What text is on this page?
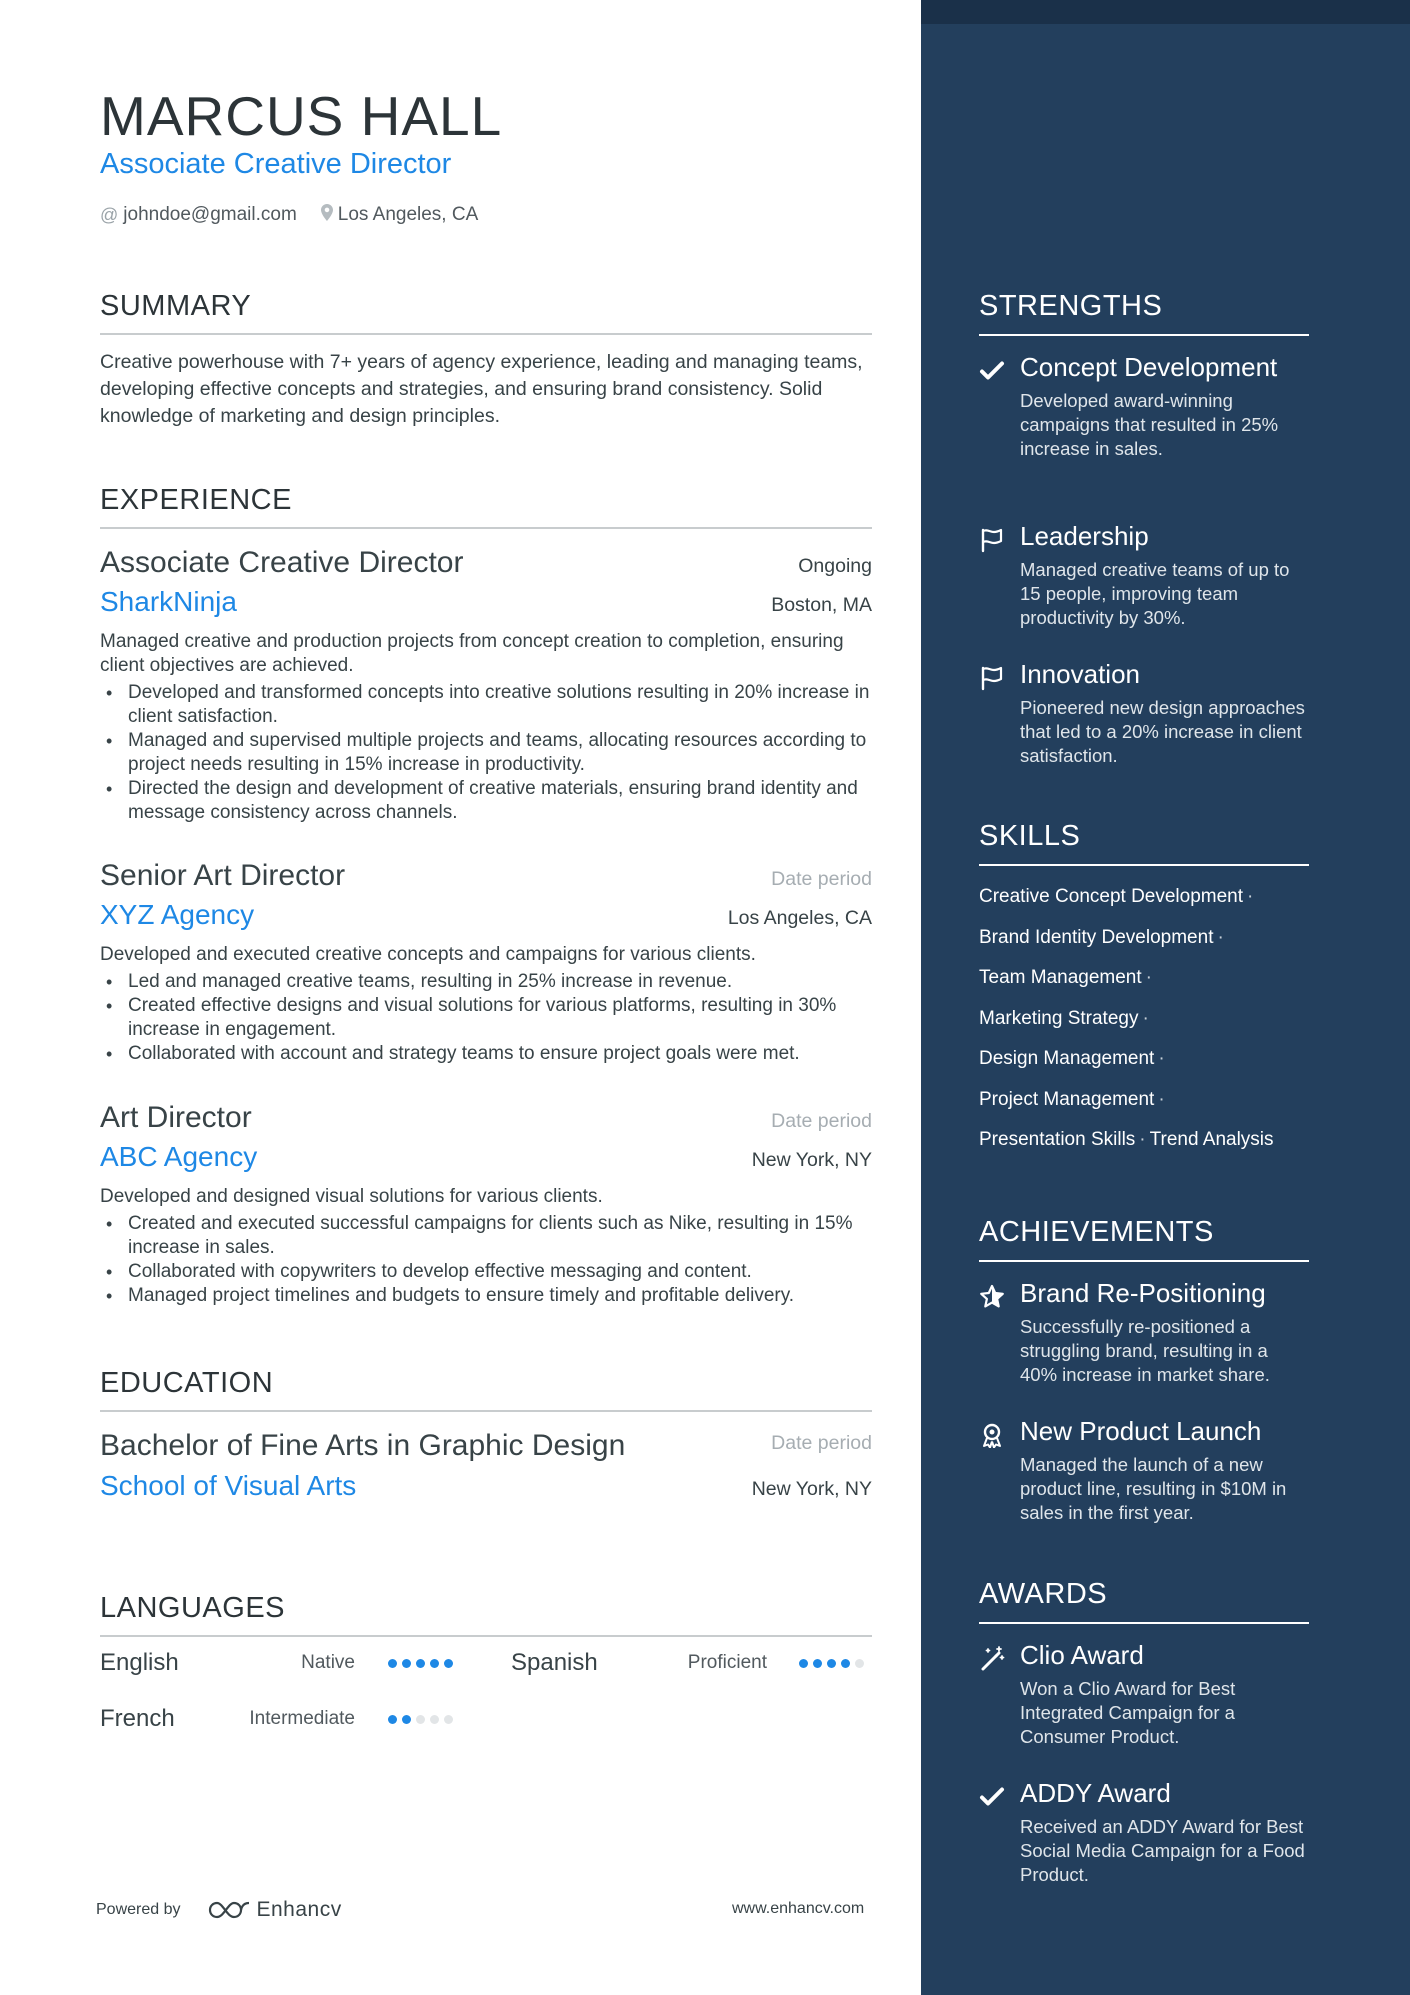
MARCUS HALL
Associate Creative Director
@ johndoe@gmail.com Los Angeles, CA
SUMMARY
Creative powerhouse with 7+ years of agency experience, leading and managing teams, developing effective concepts and strategies, and ensuring brand consistency. Solid knowledge of marketing and design principles.
EXPERIENCE
Associate Creative Director	Ongoing
SharkNinja	Boston, MA
Managed creative and production projects from concept creation to completion, ensuring client objectives are achieved.
• Developed and transformed concepts into creative solutions resulting in 20% increase in client satisfaction.
• Managed and supervised multiple projects and teams, allocating resources according to project needs resulting in 15% increase in productivity.
• Directed the design and development of creative materials, ensuring brand identity and message consistency across channels.
Senior Art Director	Date period
XYZ Agency	Los Angeles, CA
Developed and executed creative concepts and campaigns for various clients.
• Led and managed creative teams, resulting in 25% increase in revenue.
• Created effective designs and visual solutions for various platforms, resulting in 30% increase in engagement.
• Collaborated with account and strategy teams to ensure project goals were met.
Art Director	Date period
ABC Agency	New York, NY
Developed and designed visual solutions for various clients.
• Created and executed successful campaigns for clients such as Nike, resulting in 15% increase in sales.
• Collaborated with copywriters to develop effective messaging and content.
• Managed project timelines and budgets to ensure timely and profitable delivery.
EDUCATION
Bachelor of Fine Arts in Graphic Design	Date period
School of Visual Arts	New York, NY
LANGUAGES
English	Native	Spanish	Proficient
French	Intermediate
Powered by	Enhancv	www.enhancv.com
STRENGTHS
Concept Development
Developed award-winning campaigns that resulted in 25% increase in sales.
Leadership
Managed creative teams of up to 15 people, improving team productivity by 30%.
Innovation
Pioneered new design approaches that led to a 20% increase in client satisfaction.
SKILLS
Creative Concept Development ·
Brand Identity Development ·
Team Management ·
Marketing Strategy ·
Design Management ·
Project Management ·
Presentation Skills · Trend Analysis
ACHIEVEMENTS
Brand Re-Positioning
Successfully re-positioned a struggling brand, resulting in a 40% increase in market share.
New Product Launch
Managed the launch of a new product line, resulting in $10M in sales in the first year.
AWARDS
Clio Award
Won a Clio Award for Best Integrated Campaign for a Consumer Product.
ADDY Award
Received an ADDY Award for Best Social Media Campaign for a Food Product.
